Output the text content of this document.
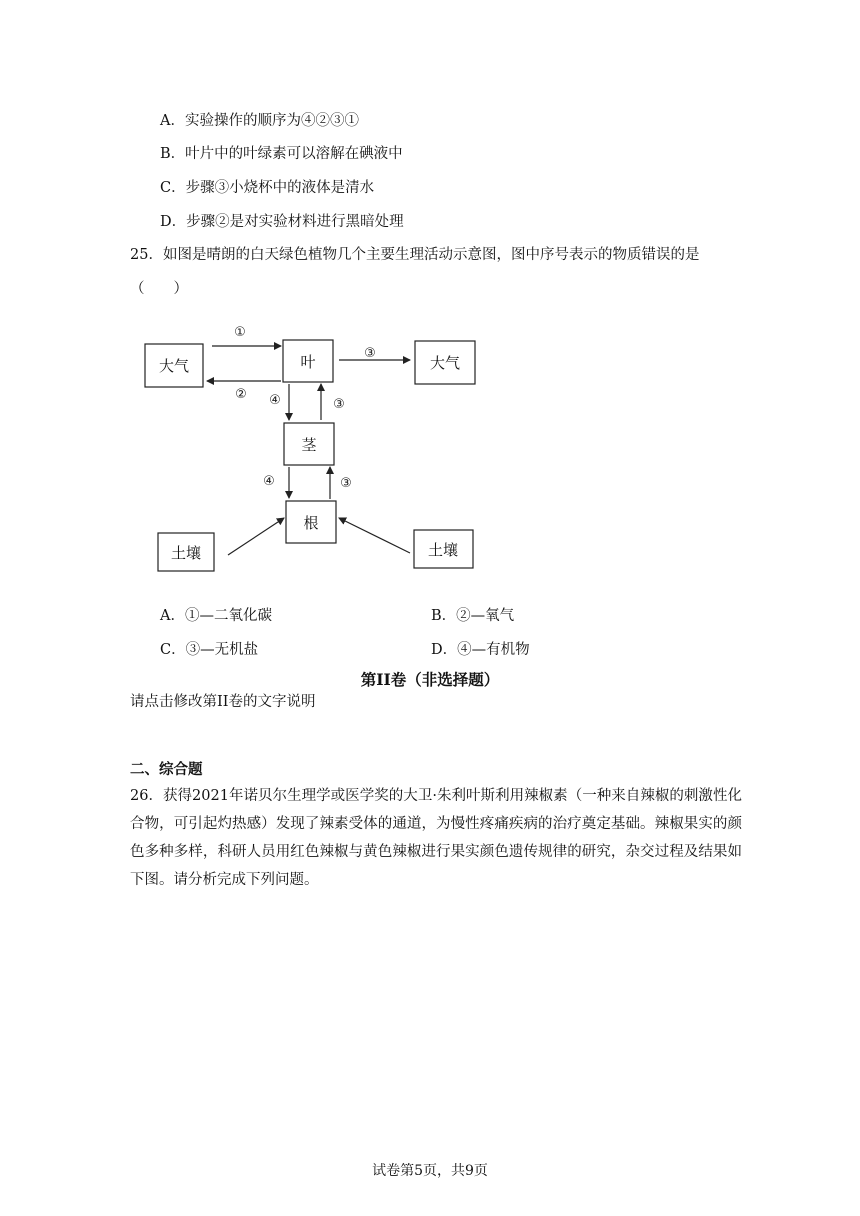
A．实验操作的顺序为④②③①
B．叶片中的叶绿素可以溶解在碘液中
C．步骤③小烧杯中的液体是清水
D．步骤②是对实验材料进行黑暗处理
25．如图是晴朗的白天绿色植物几个主要生理活动示意图，图中序号表示的物质错误的是
（　　）
大气	叶	大气
茎
根
土壤	土壤
①
②
③
④	③
④	③
A．①—二氧化碳	B．②—氧气
C．③—无机盐	D．④—有机物
第II卷（非选择题）
请点击修改第II卷的文字说明
二、综合题
26．获得2021年诺贝尔生理学或医学奖的大卫·朱利叶斯利用辣椒素（一种来自辣椒的刺激性化合物，可引起灼热感）发现了辣素受体的通道，为慢性疼痛疾病的治疗奠定基础。辣椒果实的颜色多种多样，科研人员用红色辣椒与黄色辣椒进行果实颜色遗传规律的研究，杂交过程及结果如下图。请分析完成下列问题。
试卷第5页，共9页
